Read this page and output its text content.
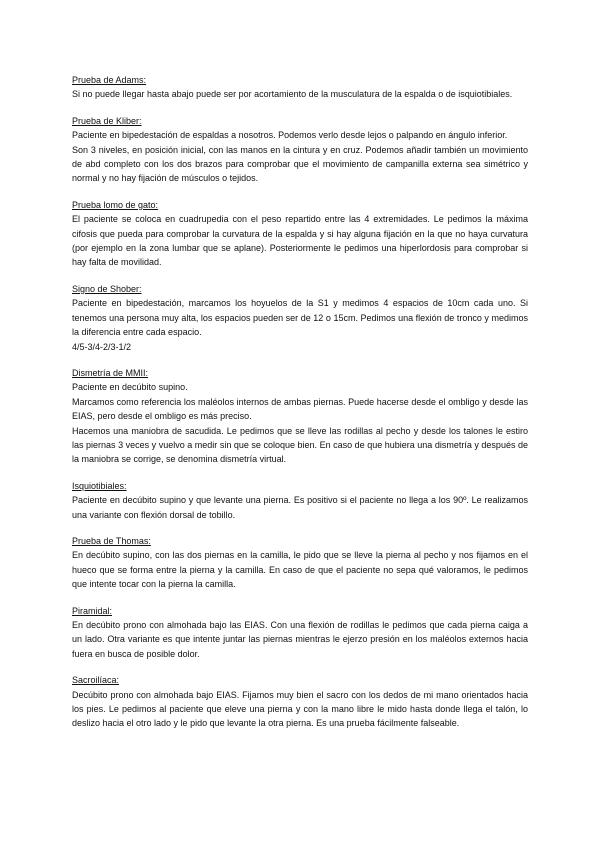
Prueba de Adams:
Si no puede llegar hasta abajo puede ser por acortamiento de la musculatura de la espalda o de isquiotibiales.
Prueba de Kliber:
Paciente en bipedestación de espaldas a nosotros. Podemos verlo desde lejos o palpando en ángulo inferior.
Son 3 niveles, en posición inicial, con las manos en la cintura y en cruz. Podemos añadir también un movimiento de abd completo con los dos brazos para comprobar que el movimiento de campanilla externa sea simétrico y normal y no hay fijación de músculos o tejidos.
Prueba lomo de gato:
El paciente se coloca en cuadrupedia con el peso repartido entre las 4 extremidades. Le pedimos la máxima cifosis que pueda para comprobar la curvatura de la espalda y si hay alguna fijación en la que no haya curvatura (por ejemplo en la zona lumbar que se aplane). Posteriormente le pedimos una hiperlordosis para comprobar si hay falta de movilidad.
Signo de Shober:
Paciente en bipedestación, marcamos los hoyuelos de la S1 y medimos 4 espacios de 10cm cada uno. Si tenemos una persona muy alta, los espacios pueden ser de 12 o 15cm. Pedimos una flexión de tronco y medimos la diferencia entre cada espacio.
4/5-3/4-2/3-1/2
Dismetría de MMII:
Paciente en decúbito supino.
Marcamos como referencia los maléolos internos de ambas piernas. Puede hacerse desde el ombligo y desde las EIAS, pero desde el ombligo es más preciso.
Hacemos una maniobra de sacudida. Le pedimos que se lleve las rodillas al pecho y desde los talones le estiro las piernas 3 veces y vuelvo a medir sin que se coloque bien. En caso de que hubiera una dismetría y después de la maniobra se corrige, se denomina dismetría virtual.
Isquiotibiales:
Paciente en decúbito supino y que levante una pierna. Es positivo si el paciente no llega a los 90º. Le realizamos una variante con flexión dorsal de tobillo.
Prueba de Thomas:
En decúbito supino, con las dos piernas en la camilla, le pido que se lleve la pierna al pecho y nos fijamos en el hueco que se forma entre la pierna y la camilla. En caso de que el paciente no sepa qué valoramos, le pedimos que intente tocar con la pierna la camilla.
Piramidal:
En decúbito prono con almohada bajo las EIAS. Con una flexión de rodillas le pedimos que cada pierna caiga a un lado. Otra variante es que intente juntar las piernas mientras le ejerzo presión en los maléolos externos hacia fuera en busca de posible dolor.
Sacroilíaca:
Decúbito prono con almohada bajo EIAS. Fijamos muy bien el sacro con los dedos de mi mano orientados hacia los pies. Le pedimos al paciente que eleve una pierna y con la mano libre le mido hasta donde llega el talón, lo deslizo hacia el otro lado y le pido que levante la otra pierna. Es una prueba fácilmente falseable.
